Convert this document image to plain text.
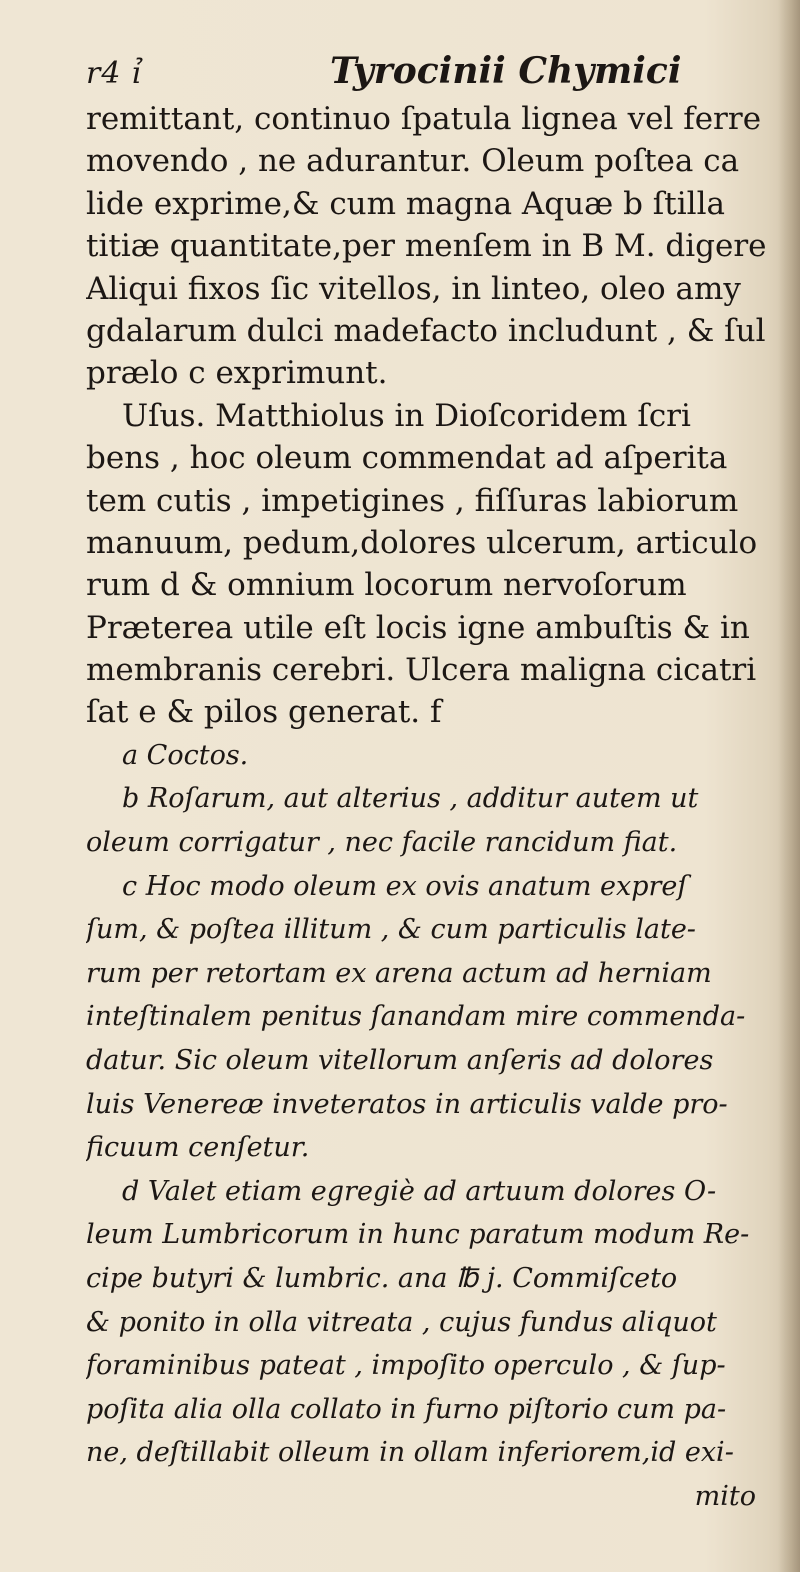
r4 ỉ	Tyrocinii Chymici
remittant, continuo ſpatula lignea vel ferre
movendo , ne adurantur. Oleum poſtea ca
lide exprime,& cum magna Aquæ b ſtilla
titiæ quantitate,per menſem in B M. digere
Aliqui fixos ſic vitellos, in linteo, oleo amy
gdalarum dulci madefacto includunt , & ſul
prælo c exprimunt.
Uſus. Matthiolus in Dioſcoridem ſcri
bens , hoc oleum commendat ad aſperita
tem cutis , impetigines , fiſſuras labiorum
manuum, pedum,dolores ulcerum, articulo
rum d & omnium locorum nervoſorum
Præterea utile eſt locis igne ambuſtis & in
membranis cerebri. Ulcera maligna cicatri
ſat e & pilos generat. f
a Coctos.
b Roſarum, aut alterius , additur autem ut
oleum corrigatur , nec facile rancidum fiat.
c Hoc modo oleum ex ovis anatum expreſ
ſum, & poſtea illitum , & cum particulis late-
rum per retortam ex arena actum ad herniam
inteſtinalem penitus ſanandam mire commenda-
datur. Sic oleum vitellorum anſeris ad dolores
luis Venereæ inveteratos in articulis valde pro-
ficuum cenſetur.
d Valet etiam egregiè ad artuum dolores O-
leum Lumbricorum in hunc paratum modum Re-
cipe butyri & lumbric. ana ℔ j. Commiſceto
& ponito in olla vitreata , cujus fundus aliquot
foraminibus pateat , impoſito operculo , & ſup-
poſita alia olla collato in furno piſtorio cum pa-
ne, deſtillabit olleum in ollam inferiorem,id exi-
mito
